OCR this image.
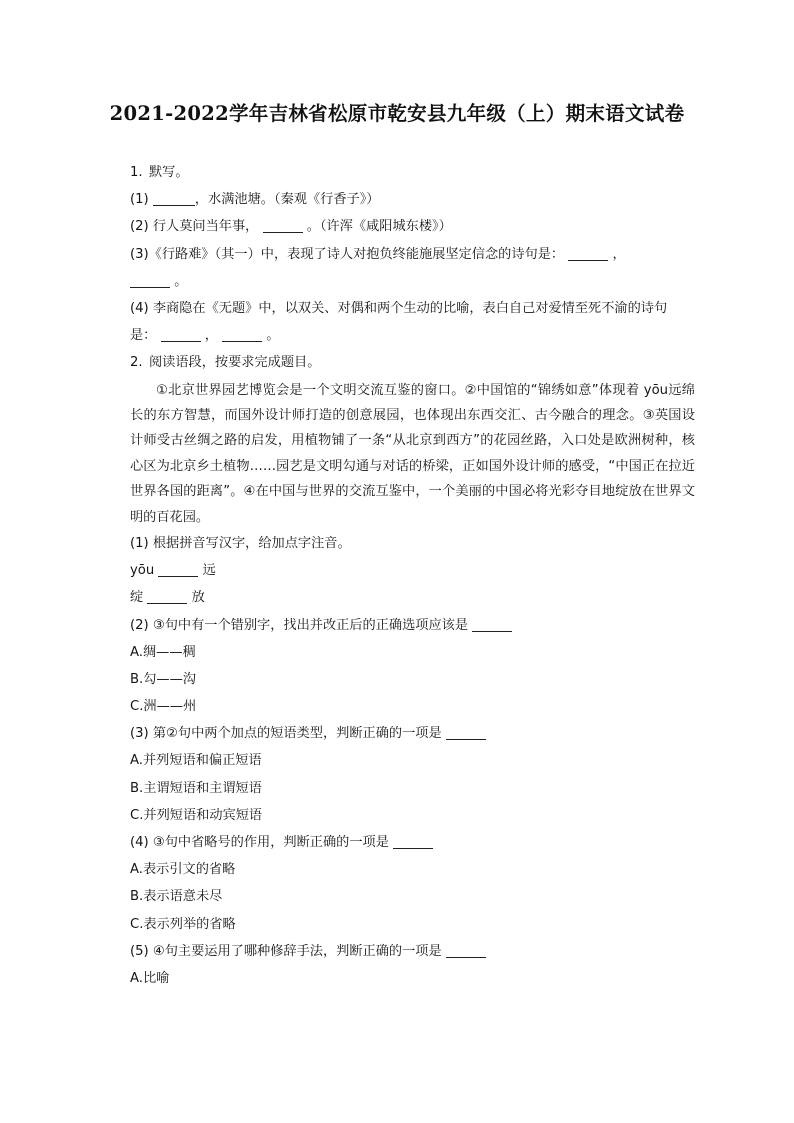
2021-2022学年吉林省松原市乾安县九年级（上）期末语文试卷
1. 默写。
(1)	，水满池塘。（秦观《行香子》）
(2) 行人莫问当年事，	。（许浑《咸阳城东楼》）
(3)《行路难》（其一）中，表现了诗人对抱负终能施展坚定信念的诗句是：	，
。
(4) 李商隐在《无题》中，以双关、对偶和两个生动的比喻，表白自己对爱情至死不渝的诗句是：	，	。
2. 阅读语段，按要求完成题目。
①北京世界园艺博览会是一个文明交流互鉴的窗口。②中国馆的“锦绣如意”体现着 yōu远绵长的东方智慧，而国外设计师打造的创意展园，也体现出东西交汇、古今融合的理念。③英国设计师受古丝绸之路的启发，用植物铺了一条“从北京到西方”的花园丝路，入口处是欧洲树种，核心区为北京乡土植物……园艺是文明勾通与对话的桥梁，正如国外设计师的感受，“中国正在拉近世界各国的距离”。④在中国与世界的交流互鉴中，一个美丽的中国必将光彩夺目地绽放在世界文明的百花园。
(1) 根据拼音写汉字，给加点字注音。
yōu	远
绽	放
(2) ③句中有一个错别字，找出并改正后的正确选项应该是
A.绸——稠
B.勾——沟
C.洲——州
(3) 第②句中两个加点的短语类型，判断正确的一项是
A.并列短语和偏正短语
B.主谓短语和主谓短语
C.并列短语和动宾短语
(4) ③句中省略号的作用，判断正确的一项是
A.表示引文的省略
B.表示语意未尽
C.表示列举的省略
(5) ④句主要运用了哪种修辞手法，判断正确的一项是
A.比喻
